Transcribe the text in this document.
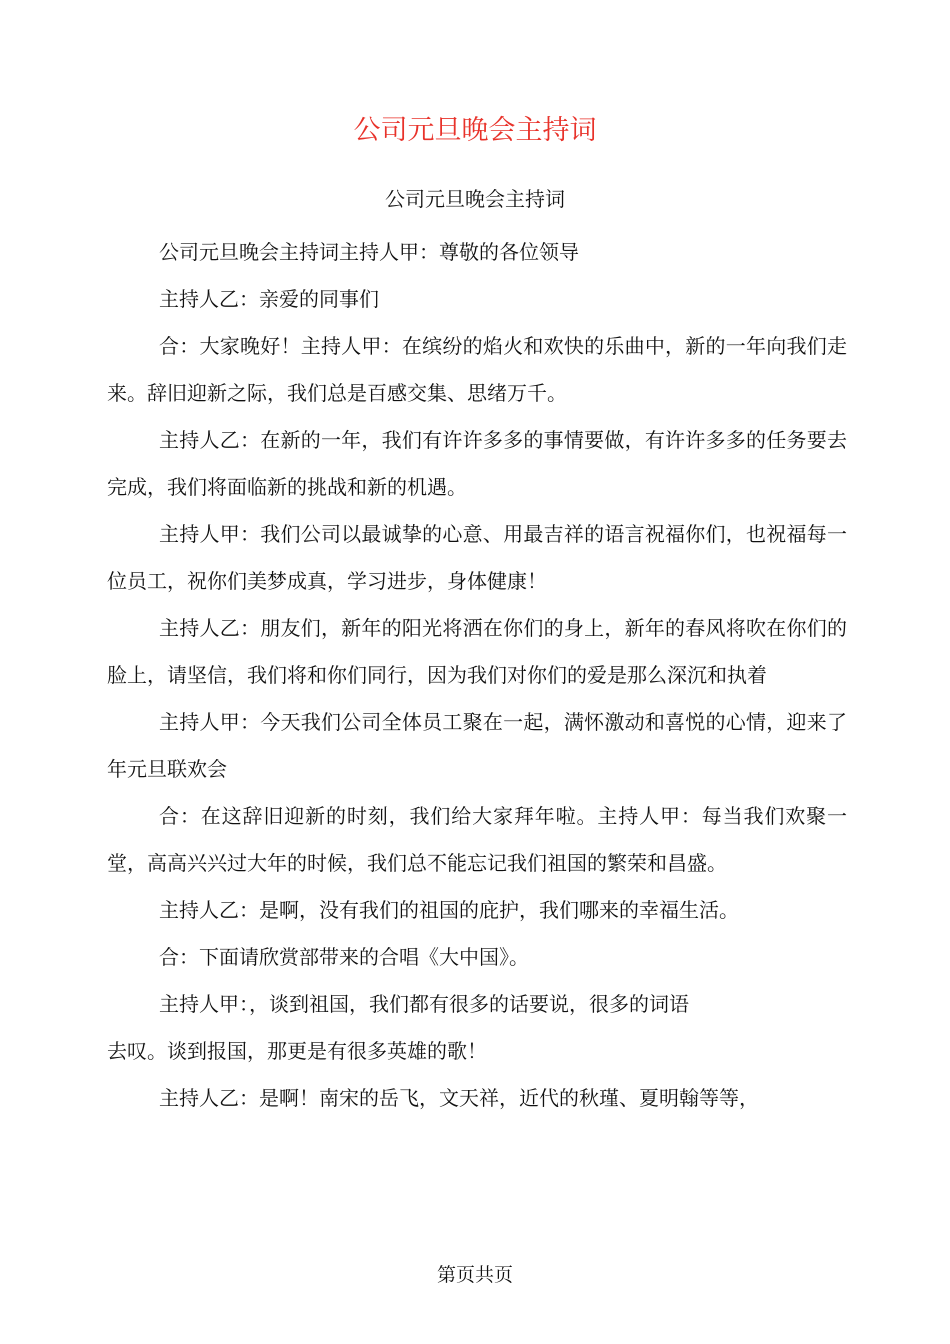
公司元旦晚会主持词
公司元旦晚会主持词

公司元旦晚会主持词主持人甲：尊敬的各位领导

主持人乙：亲爱的同事们

合：大家晚好！主持人甲：在缤纷的焰火和欢快的乐曲中，新的一年向我们走来。辞旧迎新之际，我们总是百感交集、思绪万千。

主持人乙：在新的一年，我们有许许多多的事情要做，有许许多多的任务要去完成，我们将面临新的挑战和新的机遇。

主持人甲：我们公司以最诚挚的心意、用最吉祥的语言祝福你们，也祝福每一位员工，祝你们美梦成真，学习进步，身体健康！

主持人乙：朋友们，新年的阳光将洒在你们的身上，新年的春风将吹在你们的脸上，请坚信，我们将和你们同行，因为我们对你们的爱是那么深沉和执着

主持人甲：今天我们公司全体员工聚在一起，满怀激动和喜悦的心情，迎来了年元旦联欢会

合：在这辞旧迎新的时刻，我们给大家拜年啦。主持人甲：每当我们欢聚一堂，高高兴兴过大年的时候，我们总不能忘记我们祖国的繁荣和昌盛。

主持人乙：是啊，没有我们的祖国的庇护，我们哪来的幸福生活。

合：下面请欣赏部带来的合唱《大中国》。

主持人甲：，谈到祖国，我们都有很多的话要说，很多的词语

去叹。谈到报国，那更是有很多英雄的歌！

主持人乙：是啊！南宋的岳飞，文天祥，近代的秋瑾、夏明翰等等，

第页共页
